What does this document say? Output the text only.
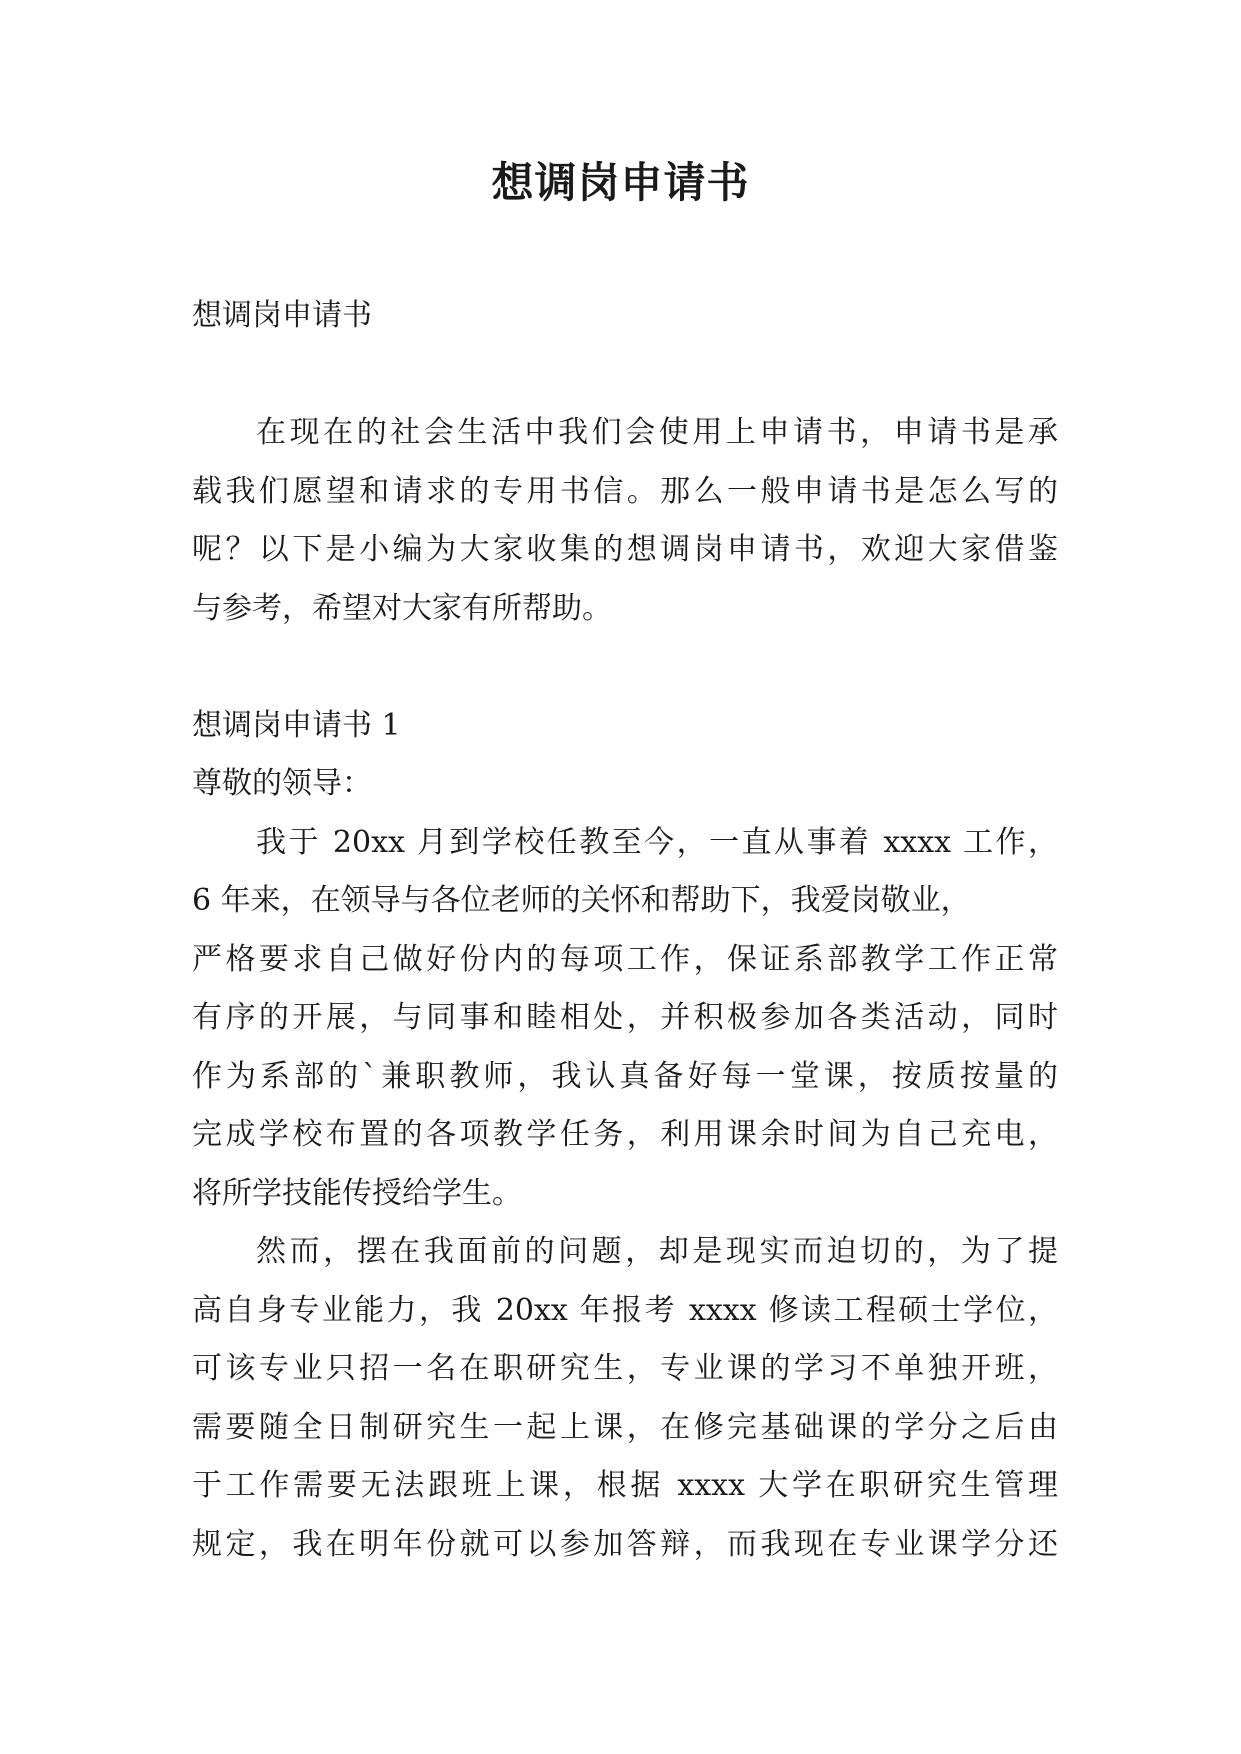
想调岗申请书
想调岗申请书
在现在的社会生活中我们会使用上申请书，申请书是承
载我们愿望和请求的专用书信。那么一般申请书是怎么写的
呢？以下是小编为大家收集的想调岗申请书，欢迎大家借鉴
与参考，希望对大家有所帮助。
想调岗申请书 1
尊敬的领导：
我于 20xx 月到学校任教至今，一直从事着 xxxx 工作，
6 年来，在领导与各位老师的关怀和帮助下，我爱岗敬业，
严格要求自己做好份内的每项工作，保证系部教学工作正常
有序的开展，与同事和睦相处，并积极参加各类活动，同时
作为系部的`兼职教师，我认真备好每一堂课，按质按量的
完成学校布置的各项教学任务，利用课余时间为自己充电，
将所学技能传授给学生。
然而，摆在我面前的问题，却是现实而迫切的，为了提
高自身专业能力，我 20xx 年报考 xxxx 修读工程硕士学位，
可该专业只招一名在职研究生，专业课的学习不单独开班，
需要随全日制研究生一起上课，在修完基础课的学分之后由
于工作需要无法跟班上课，根据 xxxx 大学在职研究生管理
规定，我在明年份就可以参加答辩，而我现在专业课学分还
